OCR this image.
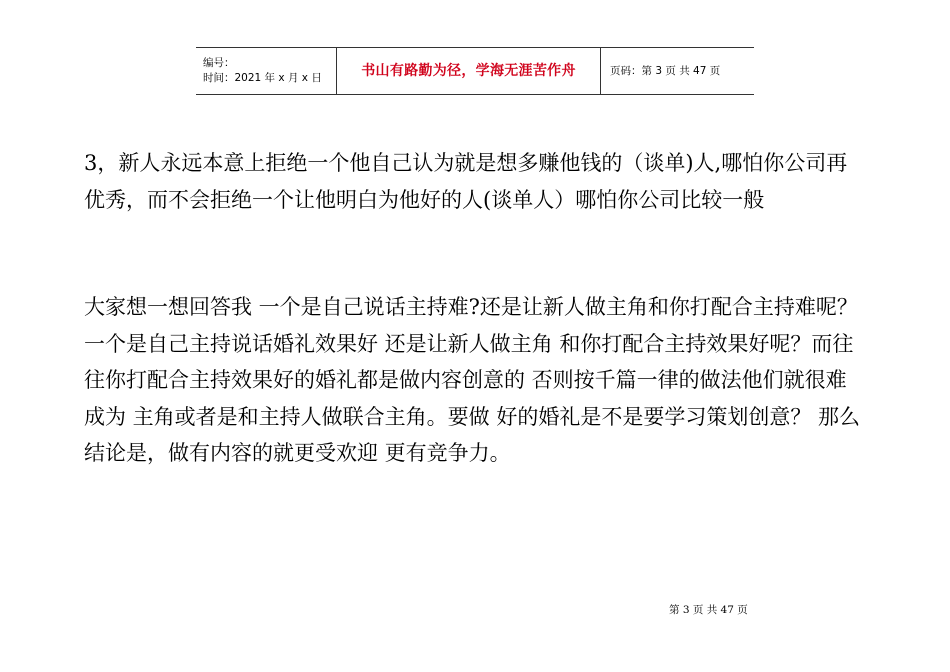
编号：
时间：2021 年 x 月 x 日	书山有路勤为径，学海无涯苦作舟	页码：第 3 页 共 47 页
3，新人永远本意上拒绝一个他自己认为就是想多赚他钱的（谈单)人,哪怕你公司再优秀，而不会拒绝一个让他明白为他好的人(谈单人）哪怕你公司比较一般
大家想一想回答我 一个是自己说话主持难?还是让新人做主角和你打配合主持难呢？一个是自己主持说话婚礼效果好 还是让新人做主角 和你打配合主持效果好呢？而往往你打配合主持效果好的婚礼都是做内容创意的 否则按千篇一律的做法他们就很难成为 主角或者是和主持人做联合主角。要做 好的婚礼是不是要学习策划创意？ 那么结论是，做有内容的就更受欢迎 更有竞争力。
第 3 页 共 47 页
